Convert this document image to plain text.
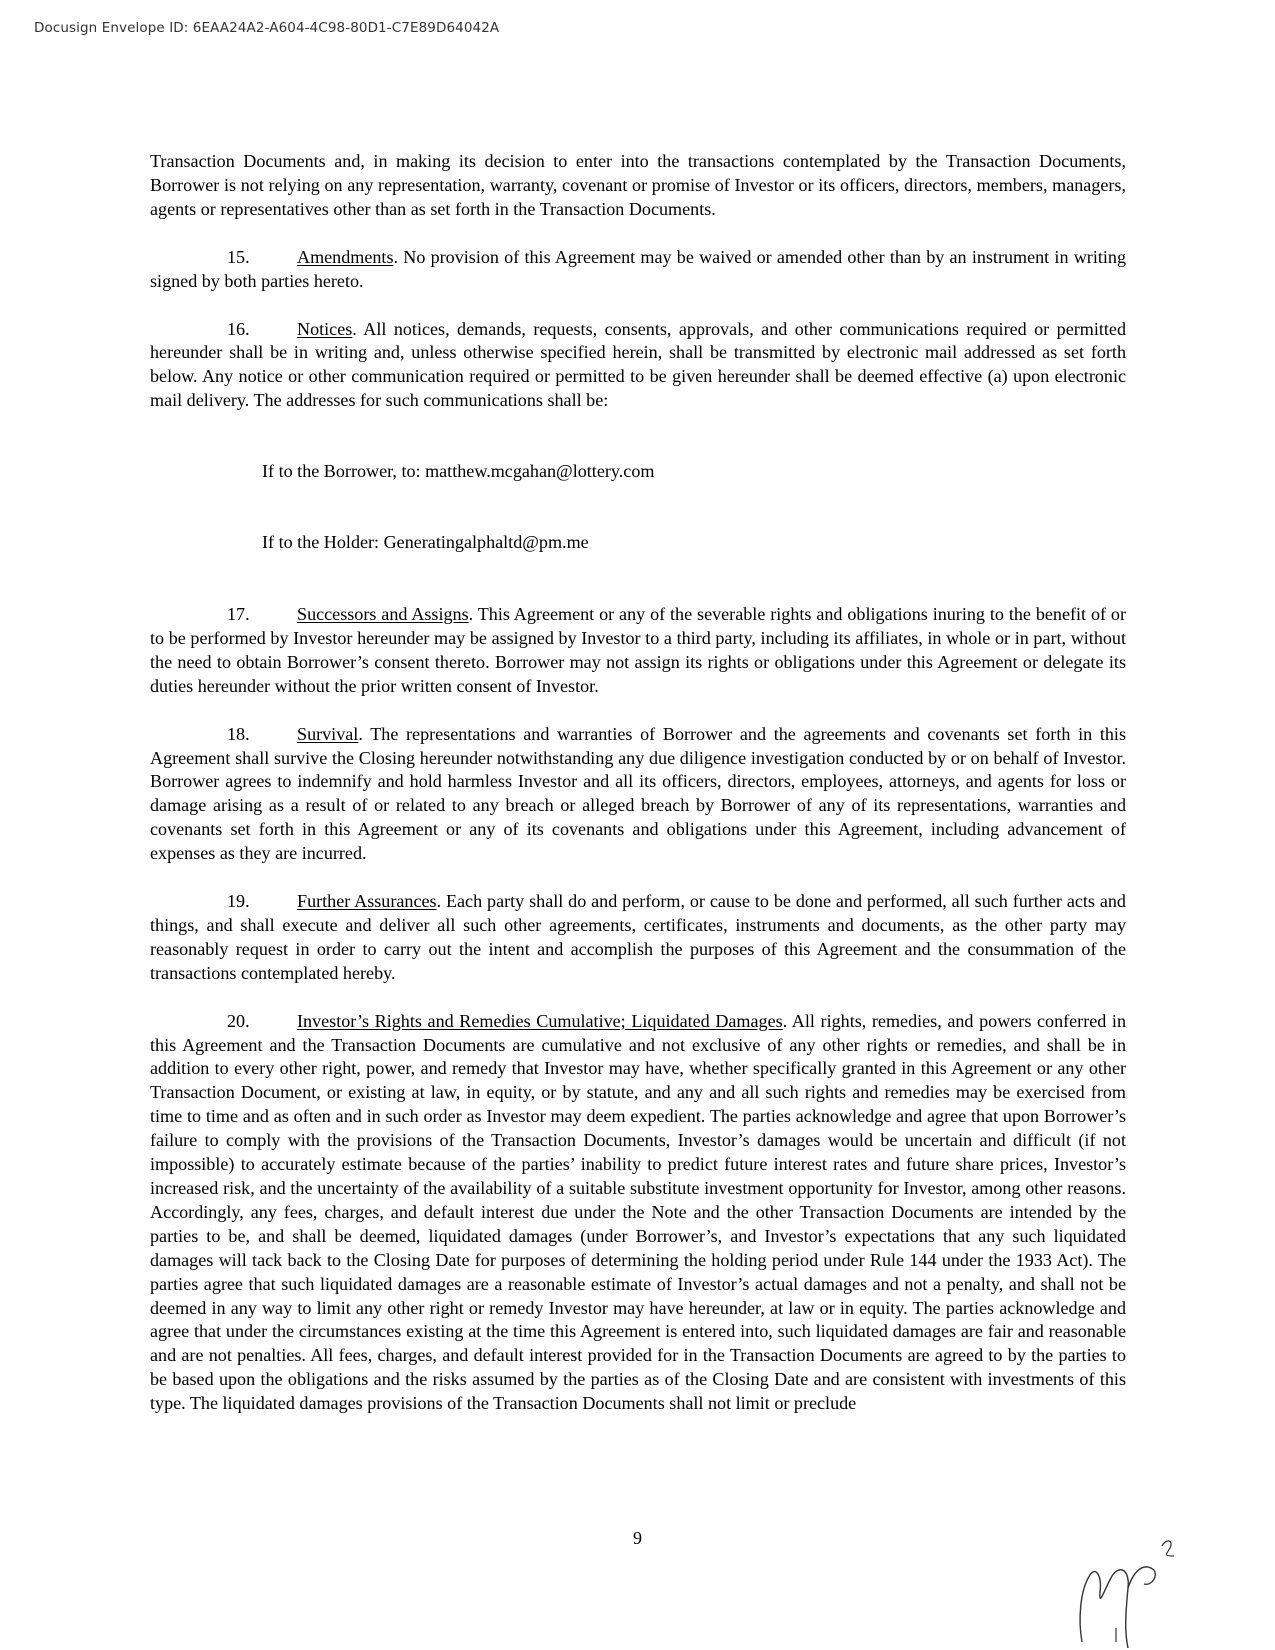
Docusign Envelope ID: 6EAA24A2-A604-4C98-80D1-C7E89D64042A

Transaction Documents and, in making its decision to enter into the transactions contemplated by the Transaction Documents, Borrower is not relying on any representation, warranty, covenant or promise of Investor or its officers, directors, members, managers, agents or representatives other than as set forth in the Transaction Documents.

15.	Amendments. No provision of this Agreement may be waived or amended other than by an instrument in writing signed by both parties hereto.

16.	Notices. All notices, demands, requests, consents, approvals, and other communications required or permitted hereunder shall be in writing and, unless otherwise specified herein, shall be transmitted by electronic mail addressed as set forth below. Any notice or other communication required or permitted to be given hereunder shall be deemed effective (a) upon electronic mail delivery. The addresses for such communications shall be:

If to the Borrower, to: matthew.mcgahan@lottery.com

If to the Holder: Generatingalphaltd@pm.me

17.	Successors and Assigns. This Agreement or any of the severable rights and obligations inuring to the benefit of or to be performed by Investor hereunder may be assigned by Investor to a third party, including its affiliates, in whole or in part, without the need to obtain Borrower’s consent thereto. Borrower may not assign its rights or obligations under this Agreement or delegate its duties hereunder without the prior written consent of Investor.

18.	Survival. The representations and warranties of Borrower and the agreements and covenants set forth in this Agreement shall survive the Closing hereunder notwithstanding any due diligence investigation conducted by or on behalf of Investor. Borrower agrees to indemnify and hold harmless Investor and all its officers, directors, employees, attorneys, and agents for loss or damage arising as a result of or related to any breach or alleged breach by Borrower of any of its representations, warranties and covenants set forth in this Agreement or any of its covenants and obligations under this Agreement, including advancement of expenses as they are incurred.

19.	Further Assurances. Each party shall do and perform, or cause to be done and performed, all such further acts and things, and shall execute and deliver all such other agreements, certificates, instruments and documents, as the other party may reasonably request in order to carry out the intent and accomplish the purposes of this Agreement and the consummation of the transactions contemplated hereby.

20.	Investor’s Rights and Remedies Cumulative; Liquidated Damages. All rights, remedies, and powers conferred in this Agreement and the Transaction Documents are cumulative and not exclusive of any other rights or remedies, and shall be in addition to every other right, power, and remedy that Investor may have, whether specifically granted in this Agreement or any other Transaction Document, or existing at law, in equity, or by statute, and any and all such rights and remedies may be exercised from time to time and as often and in such order as Investor may deem expedient. The parties acknowledge and agree that upon Borrower’s failure to comply with the provisions of the Transaction Documents, Investor’s damages would be uncertain and difficult (if not impossible) to accurately estimate because of the parties’ inability to predict future interest rates and future share prices, Investor’s increased risk, and the uncertainty of the availability of a suitable substitute investment opportunity for Investor, among other reasons. Accordingly, any fees, charges, and default interest due under the Note and the other Transaction Documents are intended by the parties to be, and shall be deemed, liquidated damages (under Borrower’s, and Investor’s expectations that any such liquidated damages will tack back to the Closing Date for purposes of determining the holding period under Rule 144 under the 1933 Act). The parties agree that such liquidated damages are a reasonable estimate of Investor’s actual damages and not a penalty, and shall not be deemed in any way to limit any other right or remedy Investor may have hereunder, at law or in equity. The parties acknowledge and agree that under the circumstances existing at the time this Agreement is entered into, such liquidated damages are fair and reasonable and are not penalties. All fees, charges, and default interest provided for in the Transaction Documents are agreed to by the parties to be based upon the obligations and the risks assumed by the parties as of the Closing Date and are consistent with investments of this type. The liquidated damages provisions of the Transaction Documents shall not limit or preclude

9
